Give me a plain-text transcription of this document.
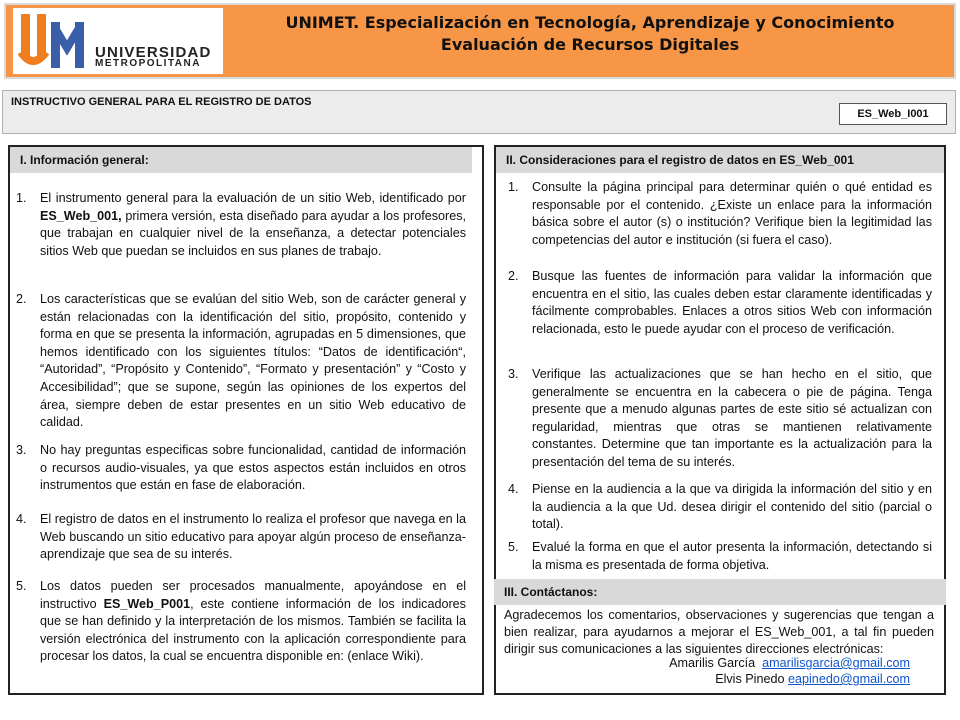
UNIVERSIDAD
METROPOLITANA
UNIMET. Especialización en Tecnología, Aprendizaje y Conocimiento
Evaluación de Recursos Digitales
INSTRUCTIVO GENERAL PARA EL REGISTRO DE DATOS
ES_Web_I001
I. Información general:
1. El instrumento general para la evaluación de un sitio Web, identificado por ES_Web_001, primera versión, esta diseñado para ayudar a los profesores, que trabajan en cualquier nivel de la enseñanza, a detectar potenciales sitios Web que puedan se incluidos en sus planes de trabajo.
2. Los características que se evalúan del sitio Web, son de carácter general y están relacionadas con la identificación del sitio, propósito, contenido y forma en que se presenta la información, agrupadas en 5 dimensiones, que hemos identificado con los siguientes títulos: “Datos de identificación“, “Autoridad”, “Propósito y Contenido”, “Formato y presentación” y “Costo y Accesibilidad”; que se supone, según las opiniones de los expertos del área, siempre deben de estar presentes en un sitio Web educativo de calidad.
3. No hay preguntas especificas sobre funcionalidad, cantidad de información o recursos audio-visuales, ya que estos aspectos están incluidos en otros instrumentos que están en fase de elaboración.
4. El registro de datos en el instrumento lo realiza el profesor que navega en la Web buscando un sitio educativo para apoyar algún proceso de enseñanza-aprendizaje que sea de su interés.
5. Los datos pueden ser procesados manualmente, apoyándose en el instructivo ES_Web_P001, este contiene información de los indicadores que se han definido y la interpretación de los mismos. También se facilita la versión electrónica del instrumento con la aplicación correspondiente para procesar los datos, la cual se encuentra disponible en: (enlace Wiki).
II. Consideraciones para el registro de datos en ES_Web_001
1. Consulte la página principal para determinar quién o qué entidad es responsable por el contenido. ¿Existe un enlace para la información básica sobre el autor (s) o institución? Verifique bien la legitimidad las competencias del autor e institución (si fuera el caso).
2. Busque las fuentes de información para validar la información que encuentra en el sitio, las cuales deben estar claramente identificadas y fácilmente comprobables. Enlaces a otros sitios Web con información relacionada, esto le puede ayudar con el proceso de verificación.
3. Verifique las actualizaciones que se han hecho en el sitio, que generalmente se encuentra en la cabecera o pie de página. Tenga presente que a menudo algunas partes de este sitio sé actualizan con regularidad, mientras que otras se mantienen relativamente constantes. Determine que tan importante es la actualización para la presentación del tema de su interés.
4. Piense en la audiencia a la que va dirigida la información del sitio y en la audiencia a la que Ud. desea dirigir el contenido del sitio (parcial o total).
5. Evalué la forma en que el autor presenta la información, detectando si la misma es presentada de forma objetiva.
III. Contáctanos:
Agradecemos los comentarios, observaciones y sugerencias que tengan a bien realizar, para ayudarnos a mejorar el ES_Web_001, a tal fin pueden dirigir sus comunicaciones a las siguientes direcciones electrónicas:
Amarilis García amarilisgarcia@gmail.com
Elvis Pinedo eapinedo@gmail.com
